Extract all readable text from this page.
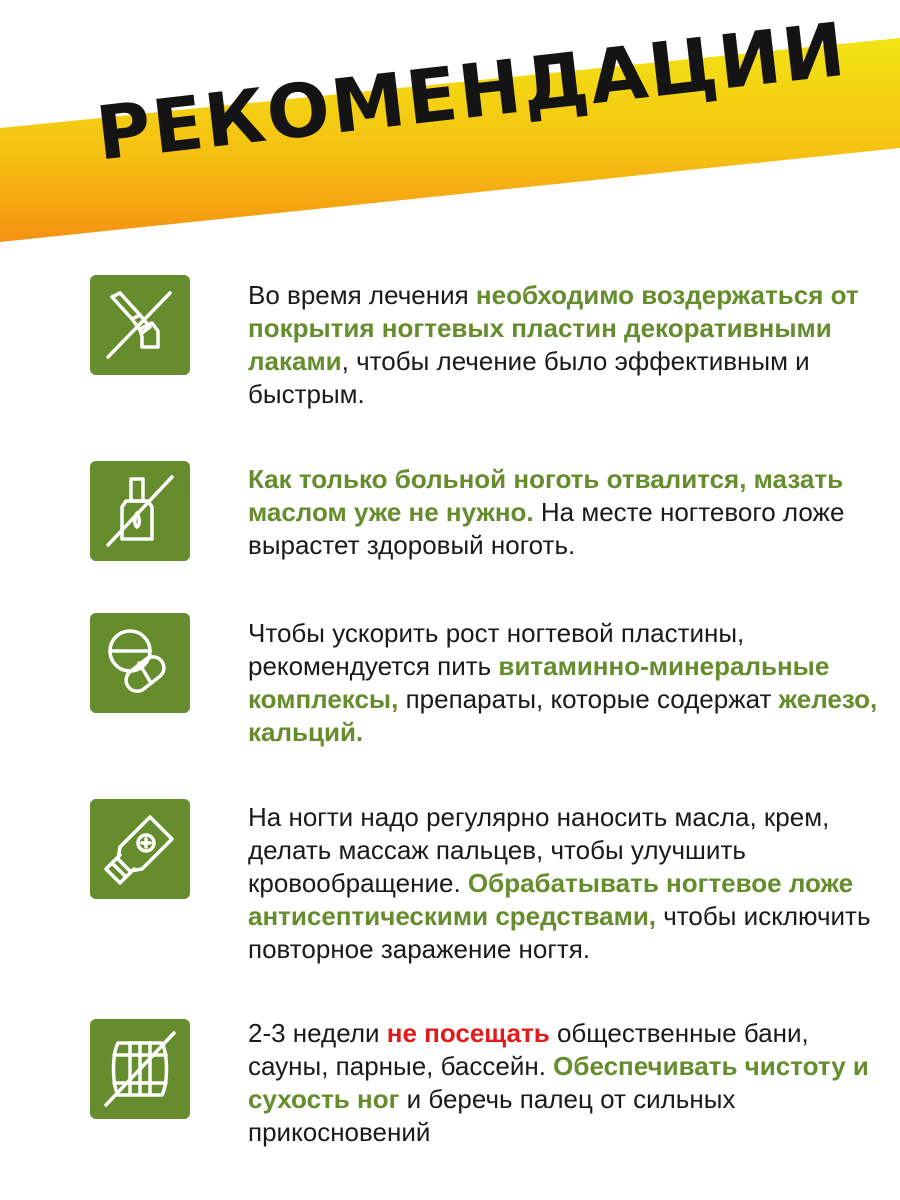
РЕКОМЕНДАЦИИ
Во время лечения необходимо воздержаться от покрытия ногтевых пластин декоративными лаками, чтобы лечение было эффективным и быстрым.
Как только больной ноготь отвалится, мазать маслом уже не нужно. На месте ногтевого ложе вырастет здоровый ноготь.
Чтобы ускорить рост ногтевой пластины, рекомендуется пить витаминно-минеральные комплексы, препараты, которые содержат железо, кальций.
На ногти надо регулярно наносить масла, крем, делать массаж пальцев, чтобы улучшить кровообращение. Обрабатывать ногтевое ложе антисептическими средствами, чтобы исключить повторное заражение ногтя.
2-3 недели не посещать общественные бани, сауны, парные, бассейн. Обеспечивать чистоту и сухость ног и беречь палец от сильных прикосновений
